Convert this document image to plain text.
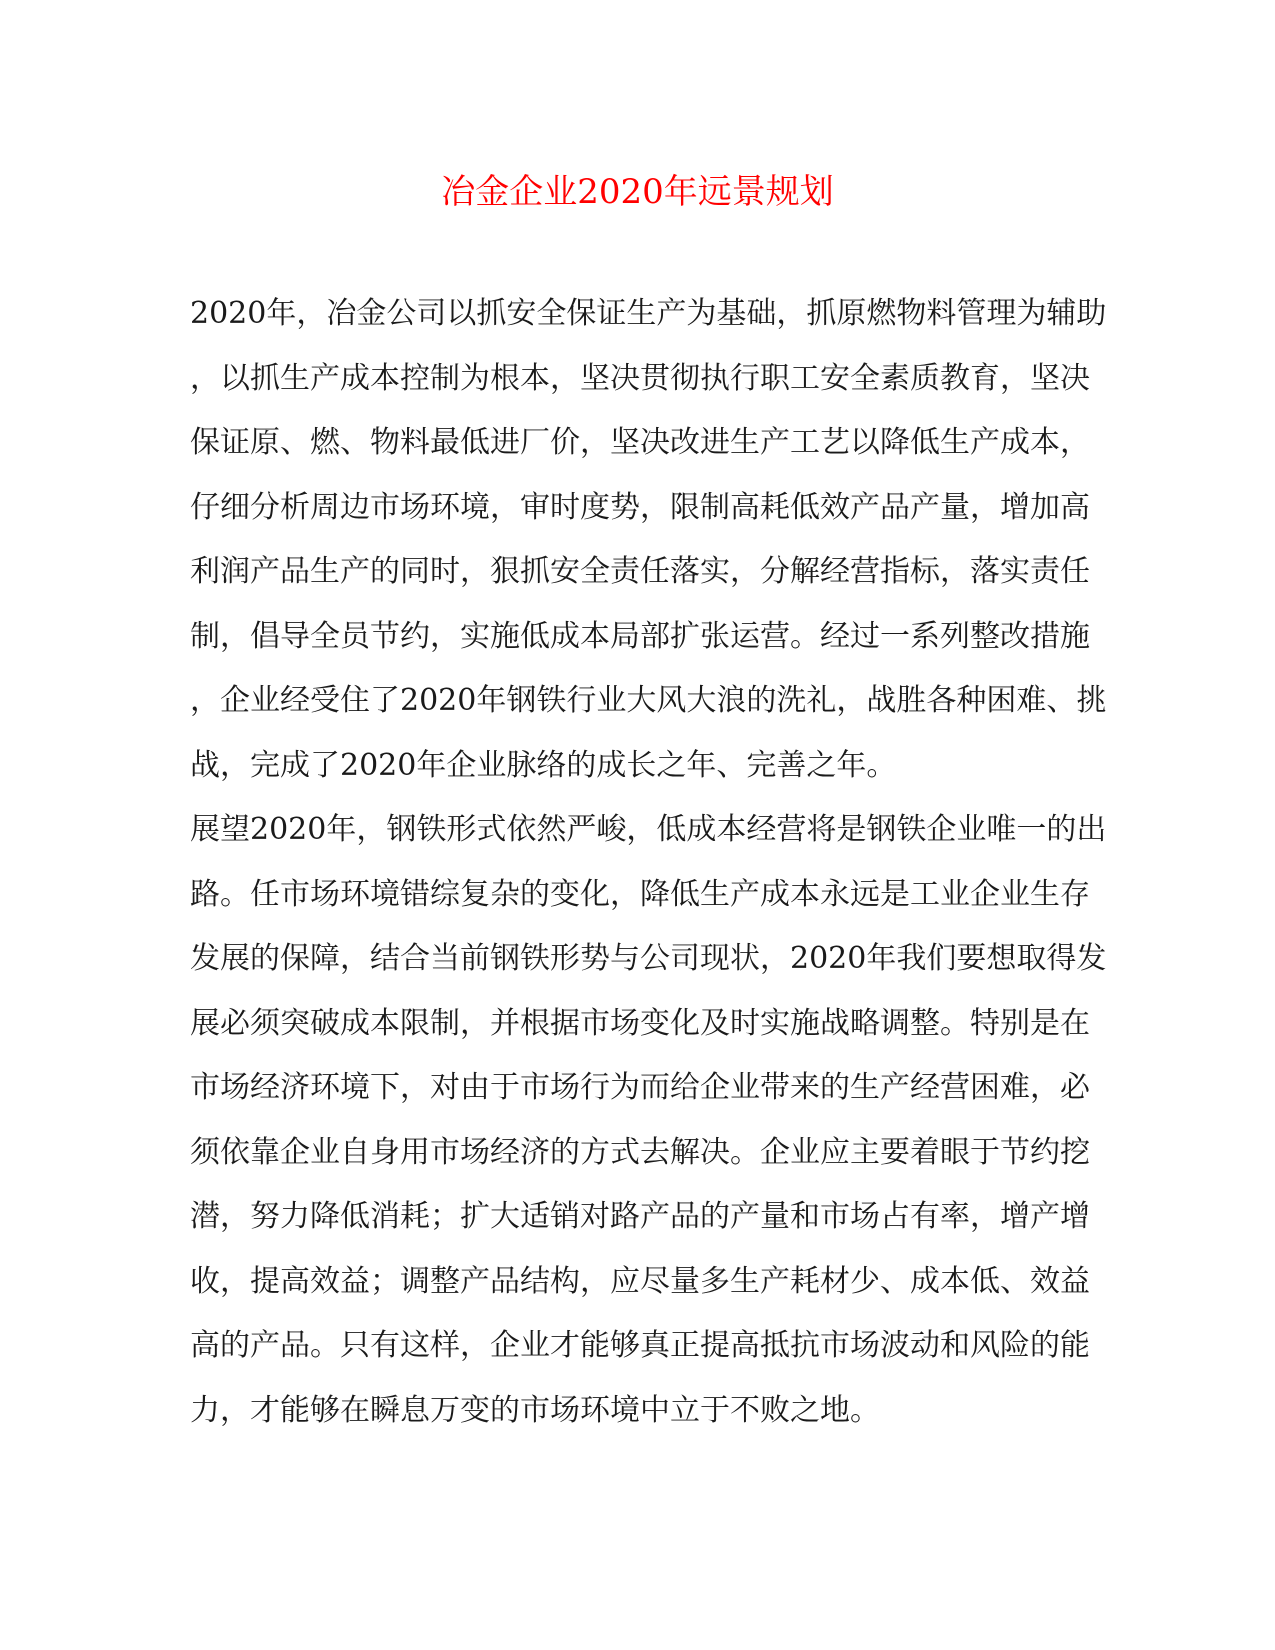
冶金企业2020年远景规划
2020年，冶金公司以抓安全保证生产为基础，抓原燃物料管理为辅助
，以抓生产成本控制为根本，坚决贯彻执行职工安全素质教育，坚决
保证原、燃、物料最低进厂价，坚决改进生产工艺以降低生产成本，
仔细分析周边市场环境，审时度势，限制高耗低效产品产量，增加高
利润产品生产的同时，狠抓安全责任落实，分解经营指标，落实责任
制，倡导全员节约，实施低成本局部扩张运营。经过一系列整改措施
，企业经受住了2020年钢铁行业大风大浪的洗礼，战胜各种困难、挑
战，完成了2020年企业脉络的成长之年、完善之年。
展望2020年，钢铁形式依然严峻，低成本经营将是钢铁企业唯一的出
路。任市场环境错综复杂的变化，降低生产成本永远是工业企业生存
发展的保障，结合当前钢铁形势与公司现状，2020年我们要想取得发
展必须突破成本限制，并根据市场变化及时实施战略调整。特别是在
市场经济环境下，对由于市场行为而给企业带来的生产经营困难，必
须依靠企业自身用市场经济的方式去解决。企业应主要着眼于节约挖
潜，努力降低消耗；扩大适销对路产品的产量和市场占有率，增产增
收，提高效益；调整产品结构，应尽量多生产耗材少、成本低、效益
高的产品。只有这样，企业才能够真正提高抵抗市场波动和风险的能
力，才能够在瞬息万变的市场环境中立于不败之地。
